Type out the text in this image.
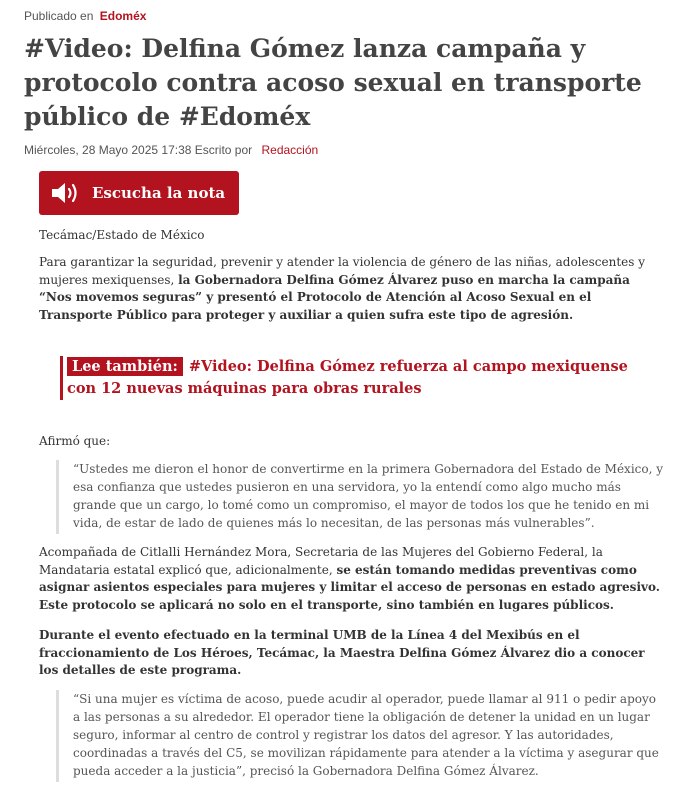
Publicado en Edoméx
#Video: Delfina Gómez lanza campaña y protocolo contra acoso sexual en transporte público de #Edoméx
Miércoles, 28 Mayo 2025 17:38 Escrito por Redacción
Escucha la nota
Tecámac/Estado de México

Para garantizar la seguridad, prevenir y atender la violencia de género de las niñas, adolescentes y mujeres mexiquenses, la Gobernadora Delfina Gómez Álvarez puso en marcha la campaña “Nos movemos seguras” y presentó el Protocolo de Atención al Acoso Sexual en el Transporte Público para proteger y auxiliar a quien sufra este tipo de agresión.

Lee también: #Video: Delfina Gómez refuerza al campo mexiquense con 12 nuevas máquinas para obras rurales

Afirmó que:

“Ustedes me dieron el honor de convertirme en la primera Gobernadora del Estado de México, y esa confianza que ustedes pusieron en una servidora, yo la entendí como algo mucho más grande que un cargo, lo tomé como un compromiso, el mayor de todos los que he tenido en mi vida, de estar de lado de quienes más lo necesitan, de las personas más vulnerables”.

Acompañada de Citlalli Hernández Mora, Secretaria de las Mujeres del Gobierno Federal, la Mandataria estatal explicó que, adicionalmente, se están tomando medidas preventivas como asignar asientos especiales para mujeres y limitar el acceso de personas en estado agresivo. Este protocolo se aplicará no solo en el transporte, sino también en lugares públicos.

Durante el evento efectuado en la terminal UMB de la Línea 4 del Mexibús en el fraccionamiento de Los Héroes, Tecámac, la Maestra Delfina Gómez Álvarez dio a conocer los detalles de este programa.

“Si una mujer es víctima de acoso, puede acudir al operador, puede llamar al 911 o pedir apoyo a las personas a su alrededor. El operador tiene la obligación de detener la unidad en un lugar seguro, informar al centro de control y registrar los datos del agresor. Y las autoridades, coordinadas a través del C5, se movilizan rápidamente para atender a la víctima y asegurar que pueda acceder a la justicia”, precisó la Gobernadora Delfina Gómez Álvarez.
